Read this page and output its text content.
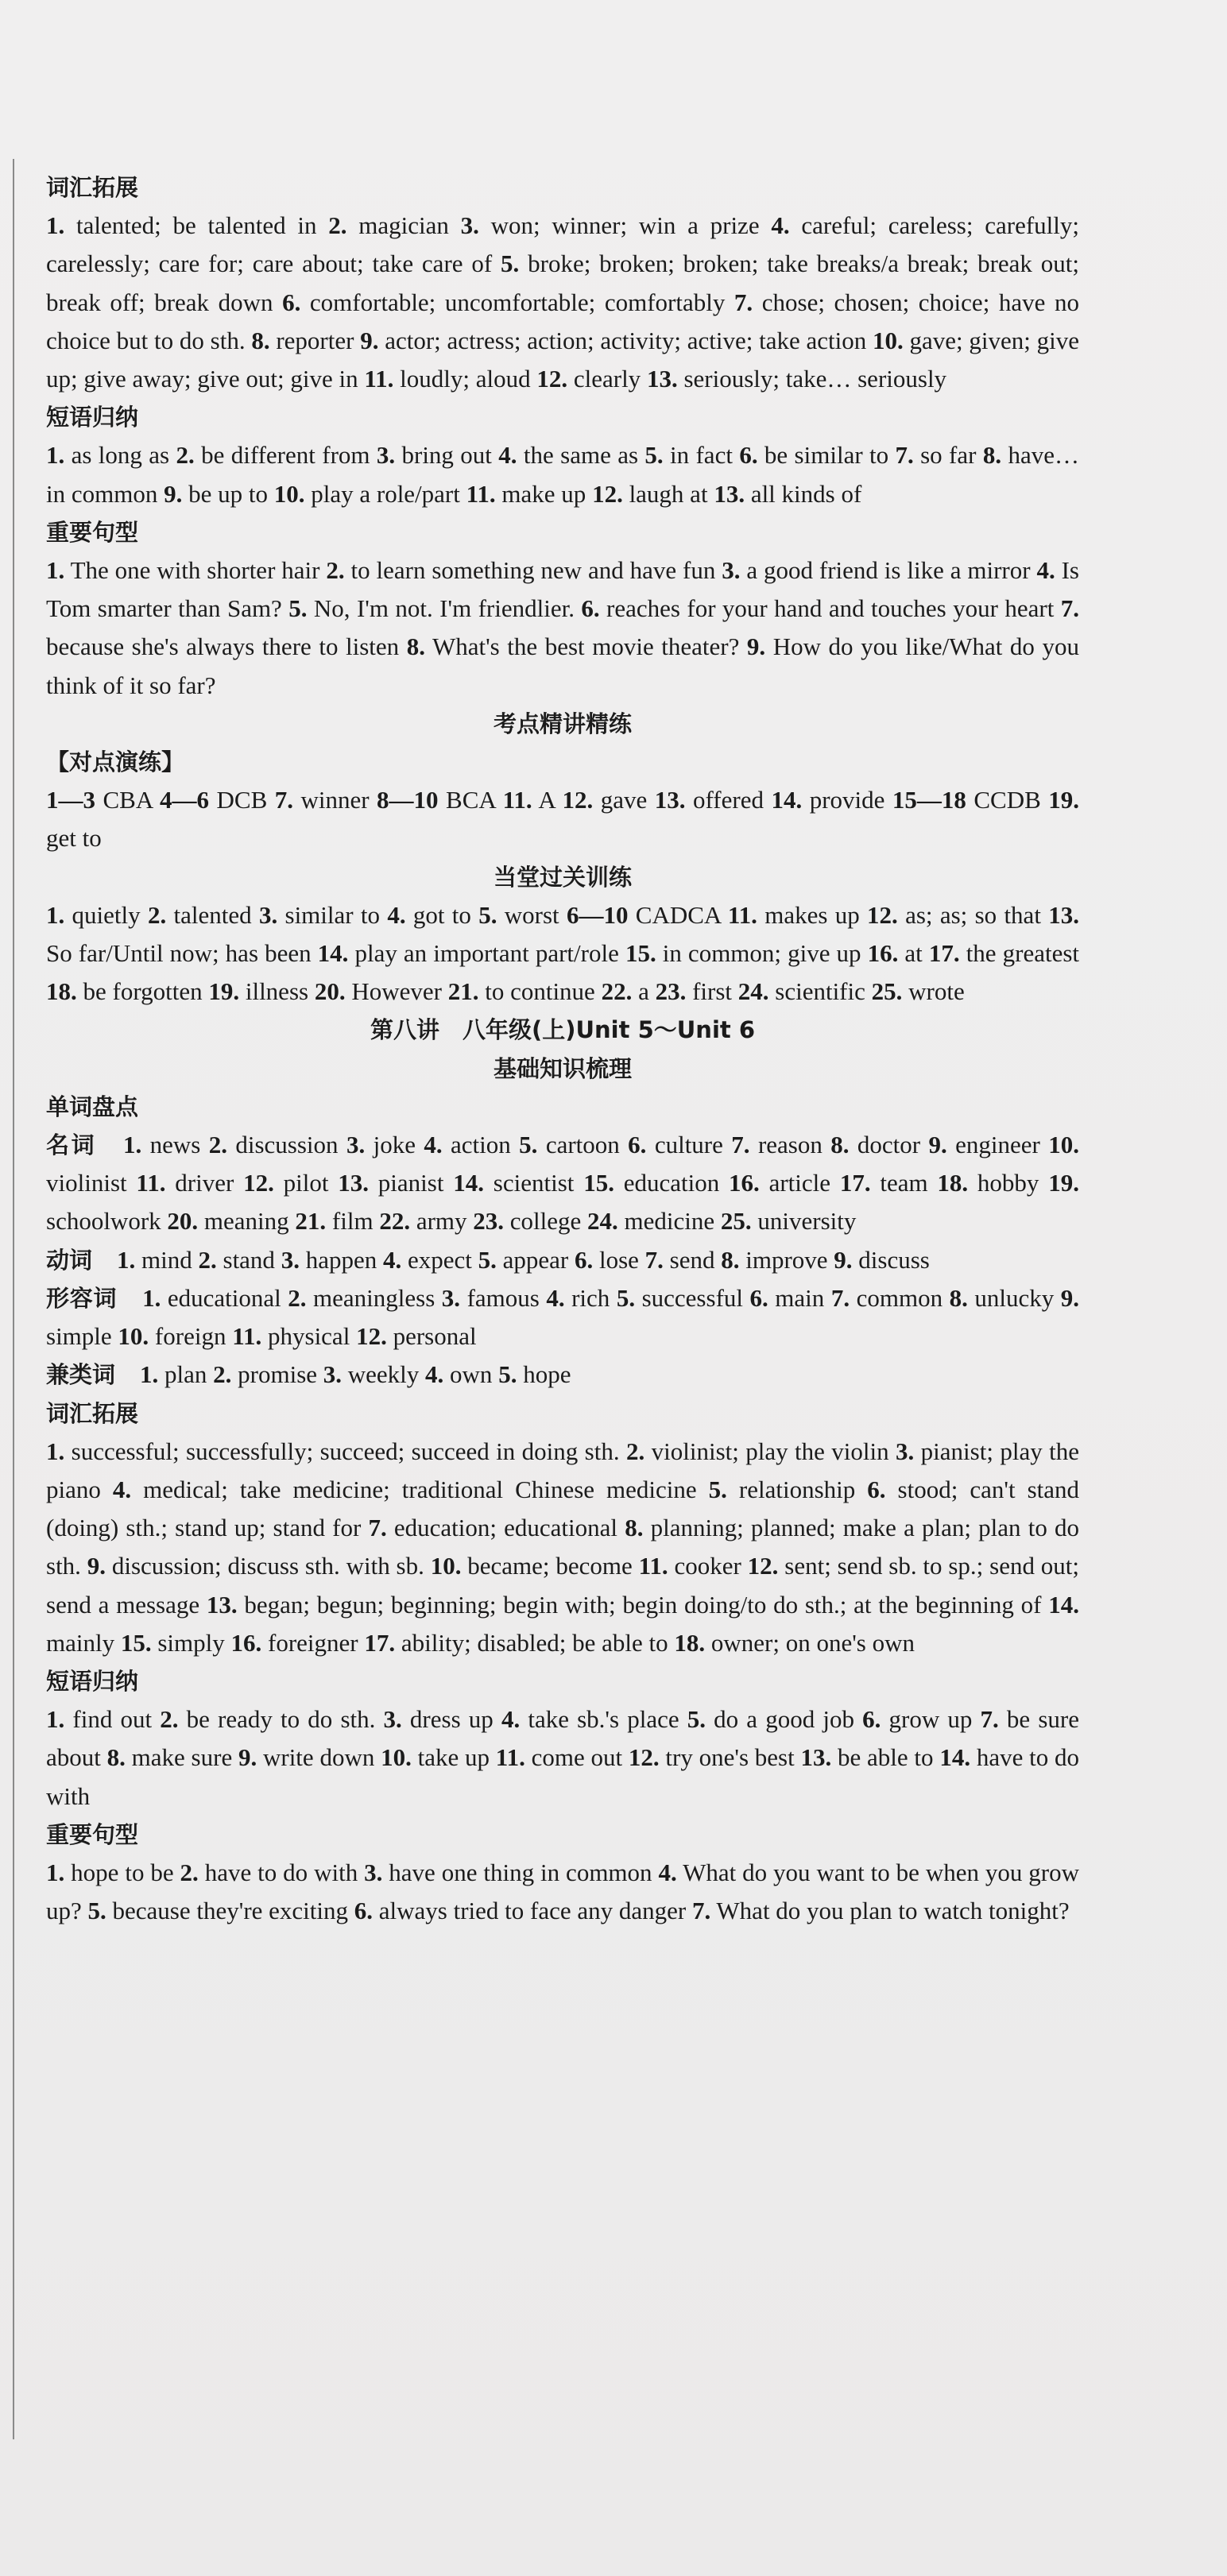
词汇拓展
1. talented; be talented in 2. magician 3. won; winner; win a prize 4. careful; careless; carefully; carelessly; care for; care about; take care of 5. broke; broken; broken; take breaks/a break; break out; break off; break down 6. comfortable; uncomfortable; comfortably 7. chose; chosen; choice; have no choice but to do sth. 8. reporter 9. actor; actress; action; activity; active; take action 10. gave; given; give up; give away; give out; give in 11. loudly; aloud 12. clearly 13. seriously; take… seriously
短语归纳
1. as long as 2. be different from 3. bring out 4. the same as 5. in fact 6. be similar to 7. so far 8. have…in common 9. be up to 10. play a role/part 11. make up 12. laugh at 13. all kinds of
重要句型
1. The one with shorter hair 2. to learn something new and have fun 3. a good friend is like a mirror 4. Is Tom smarter than Sam? 5. No, I'm not. I'm friendlier. 6. reaches for your hand and touches your heart 7. because she's always there to listen 8. What's the best movie theater? 9. How do you like/What do you think of it so far?
考点精讲精练
【对点演练】
1—3 CBA 4—6 DCB 7. winner 8—10 BCA 11. A 12. gave 13. offered 14. provide 15—18 CCDB 19. get to
当堂过关训练
1. quietly 2. talented 3. similar to 4. got to 5. worst 6—10 CADCA 11. makes up 12. as; as; so that 13. So far/Until now; has been 14. play an important part/role 15. in common; give up 16. at 17. the greatest 18. be forgotten 19. illness 20. However 21. to continue 22. a 23. first 24. scientific 25. wrote
第八讲　八年级(上)Unit 5～Unit 6
基础知识梳理
单词盘点
名词　 1. news 2. discussion 3. joke 4. action 5. cartoon 6. culture 7. reason 8. doctor 9. engineer 10. violinist 11. driver 12. pilot 13. pianist 14. scientist 15. education 16. article 17. team 18. hobby 19. schoolwork 20. meaning 21. film 22. army 23. college 24. medicine 25. university
动词　 1. mind 2. stand 3. happen 4. expect 5. appear 6. lose 7. send 8. improve 9. discuss
形容词　 1. educational 2. meaningless 3. famous 4. rich 5. successful 6. main 7. common 8. unlucky 9. simple 10. foreign 11. physical 12. personal
兼类词　 1. plan 2. promise 3. weekly 4. own 5. hope
词汇拓展
1. successful; successfully; succeed; succeed in doing sth. 2. violinist; play the violin 3. pianist; play the piano 4. medical; take medicine; traditional Chinese medicine 5. relationship 6. stood; can't stand (doing) sth.; stand up; stand for 7. education; educational 8. planning; planned; make a plan; plan to do sth. 9. discussion; discuss sth. with sb. 10. became; become 11. cooker 12. sent; send sb. to sp.; send out; send a message 13. began; begun; beginning; begin with; begin doing/to do sth.; at the beginning of 14. mainly 15. simply 16. foreigner 17. ability; disabled; be able to 18. owner; on one's own
短语归纳
1. find out 2. be ready to do sth. 3. dress up 4. take sb.'s place 5. do a good job 6. grow up 7. be sure about 8. make sure 9. write down 10. take up 11. come out 12. try one's best 13. be able to 14. have to do with
重要句型
1. hope to be 2. have to do with 3. have one thing in common 4. What do you want to be when you grow up? 5. because they're exciting 6. always tried to face any danger 7. What do you plan to watch tonight?
